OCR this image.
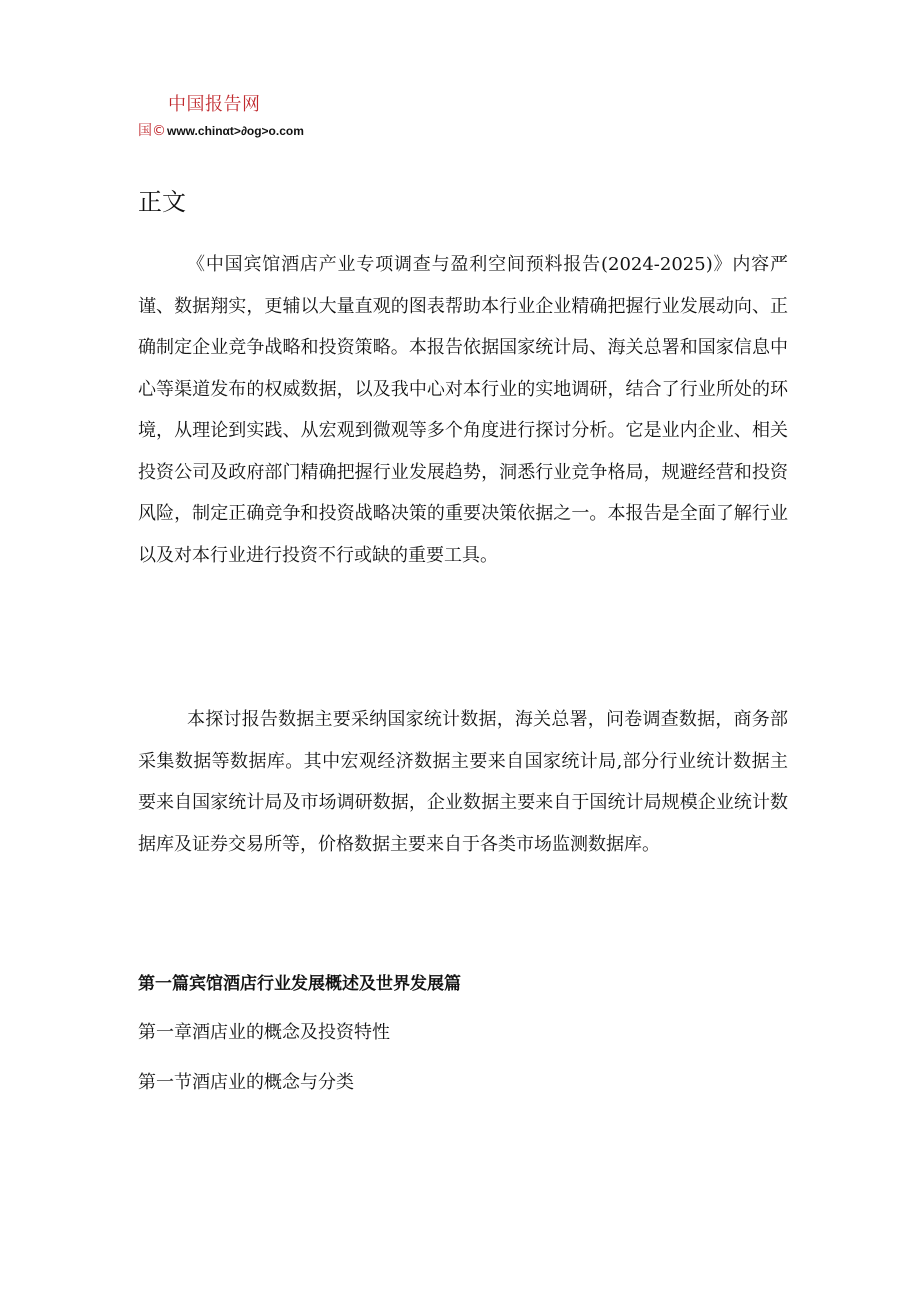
中国报告网
国© www.chinαt>∂og>o.com
正文

《中国宾馆酒店产业专项调查与盈利空间预料报告(2024-2025)》内容严谨、数据翔实，更辅以大量直观的图表帮助本行业企业精确把握行业发展动向、正确制定企业竞争战略和投资策略。本报告依据国家统计局、海关总署和国家信息中心等渠道发布的权威数据，以及我中心对本行业的实地调研，结合了行业所处的环境，从理论到实践、从宏观到微观等多个角度进行探讨分析。它是业内企业、相关投资公司及政府部门精确把握行业发展趋势，洞悉行业竞争格局，规避经营和投资风险，制定正确竞争和投资战略决策的重要决策依据之一。本报告是全面了解行业以及对本行业进行投资不行或缺的重要工具。

本探讨报告数据主要采纳国家统计数据，海关总署，问卷调查数据，商务部采集数据等数据库。其中宏观经济数据主要来自国家统计局,部分行业统计数据主要来自国家统计局及市场调研数据，企业数据主要来自于国统计局规模企业统计数据库及证券交易所等，价格数据主要来自于各类市场监测数据库。

第一篇宾馆酒店行业发展概述及世界发展篇

第一章酒店业的概念及投资特性

第一节酒店业的概念与分类
